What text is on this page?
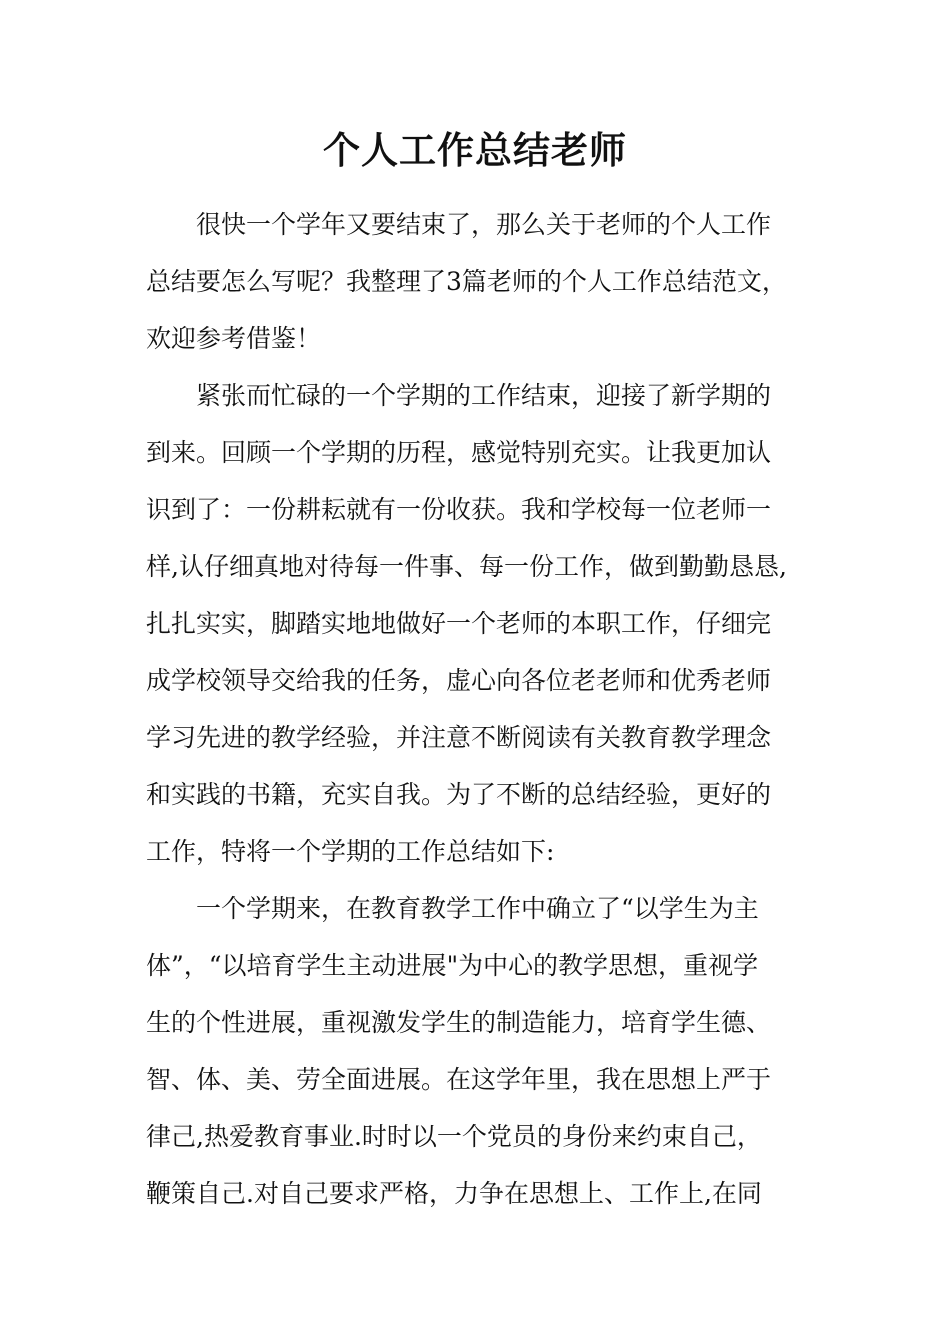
个人工作总结老师

很快一个学年又要结束了，那么关于老师的个人工作
总结要怎么写呢？我整理了3篇老师的个人工作总结范文，
欢迎参考借鉴！

紧张而忙碌的一个学期的工作结束，迎接了新学期的
到来。回顾一个学期的历程，感觉特别充实。让我更加认
识到了：一份耕耘就有一份收获。我和学校每一位老师一
样,认仔细真地对待每一件事、每一份工作，做到勤勤恳恳,
扎扎实实，脚踏实地地做好一个老师的本职工作，仔细完
成学校领导交给我的任务，虚心向各位老老师和优秀老师
学习先进的教学经验，并注意不断阅读有关教育教学理念
和实践的书籍，充实自我。为了不断的总结经验，更好的
工作，特将一个学期的工作总结如下:

一个学期来，在教育教学工作中确立了“以学生为主
体”，“以培育学生主动进展"为中心的教学思想，重视学
生的个性进展，重视激发学生的制造能力，培育学生德、
智、体、美、劳全面进展。在这学年里，我在思想上严于
律己,热爱教育事业.时时以一个党员的身份来约束自己，
鞭策自己.对自己要求严格，力争在思想上、工作上,在同
